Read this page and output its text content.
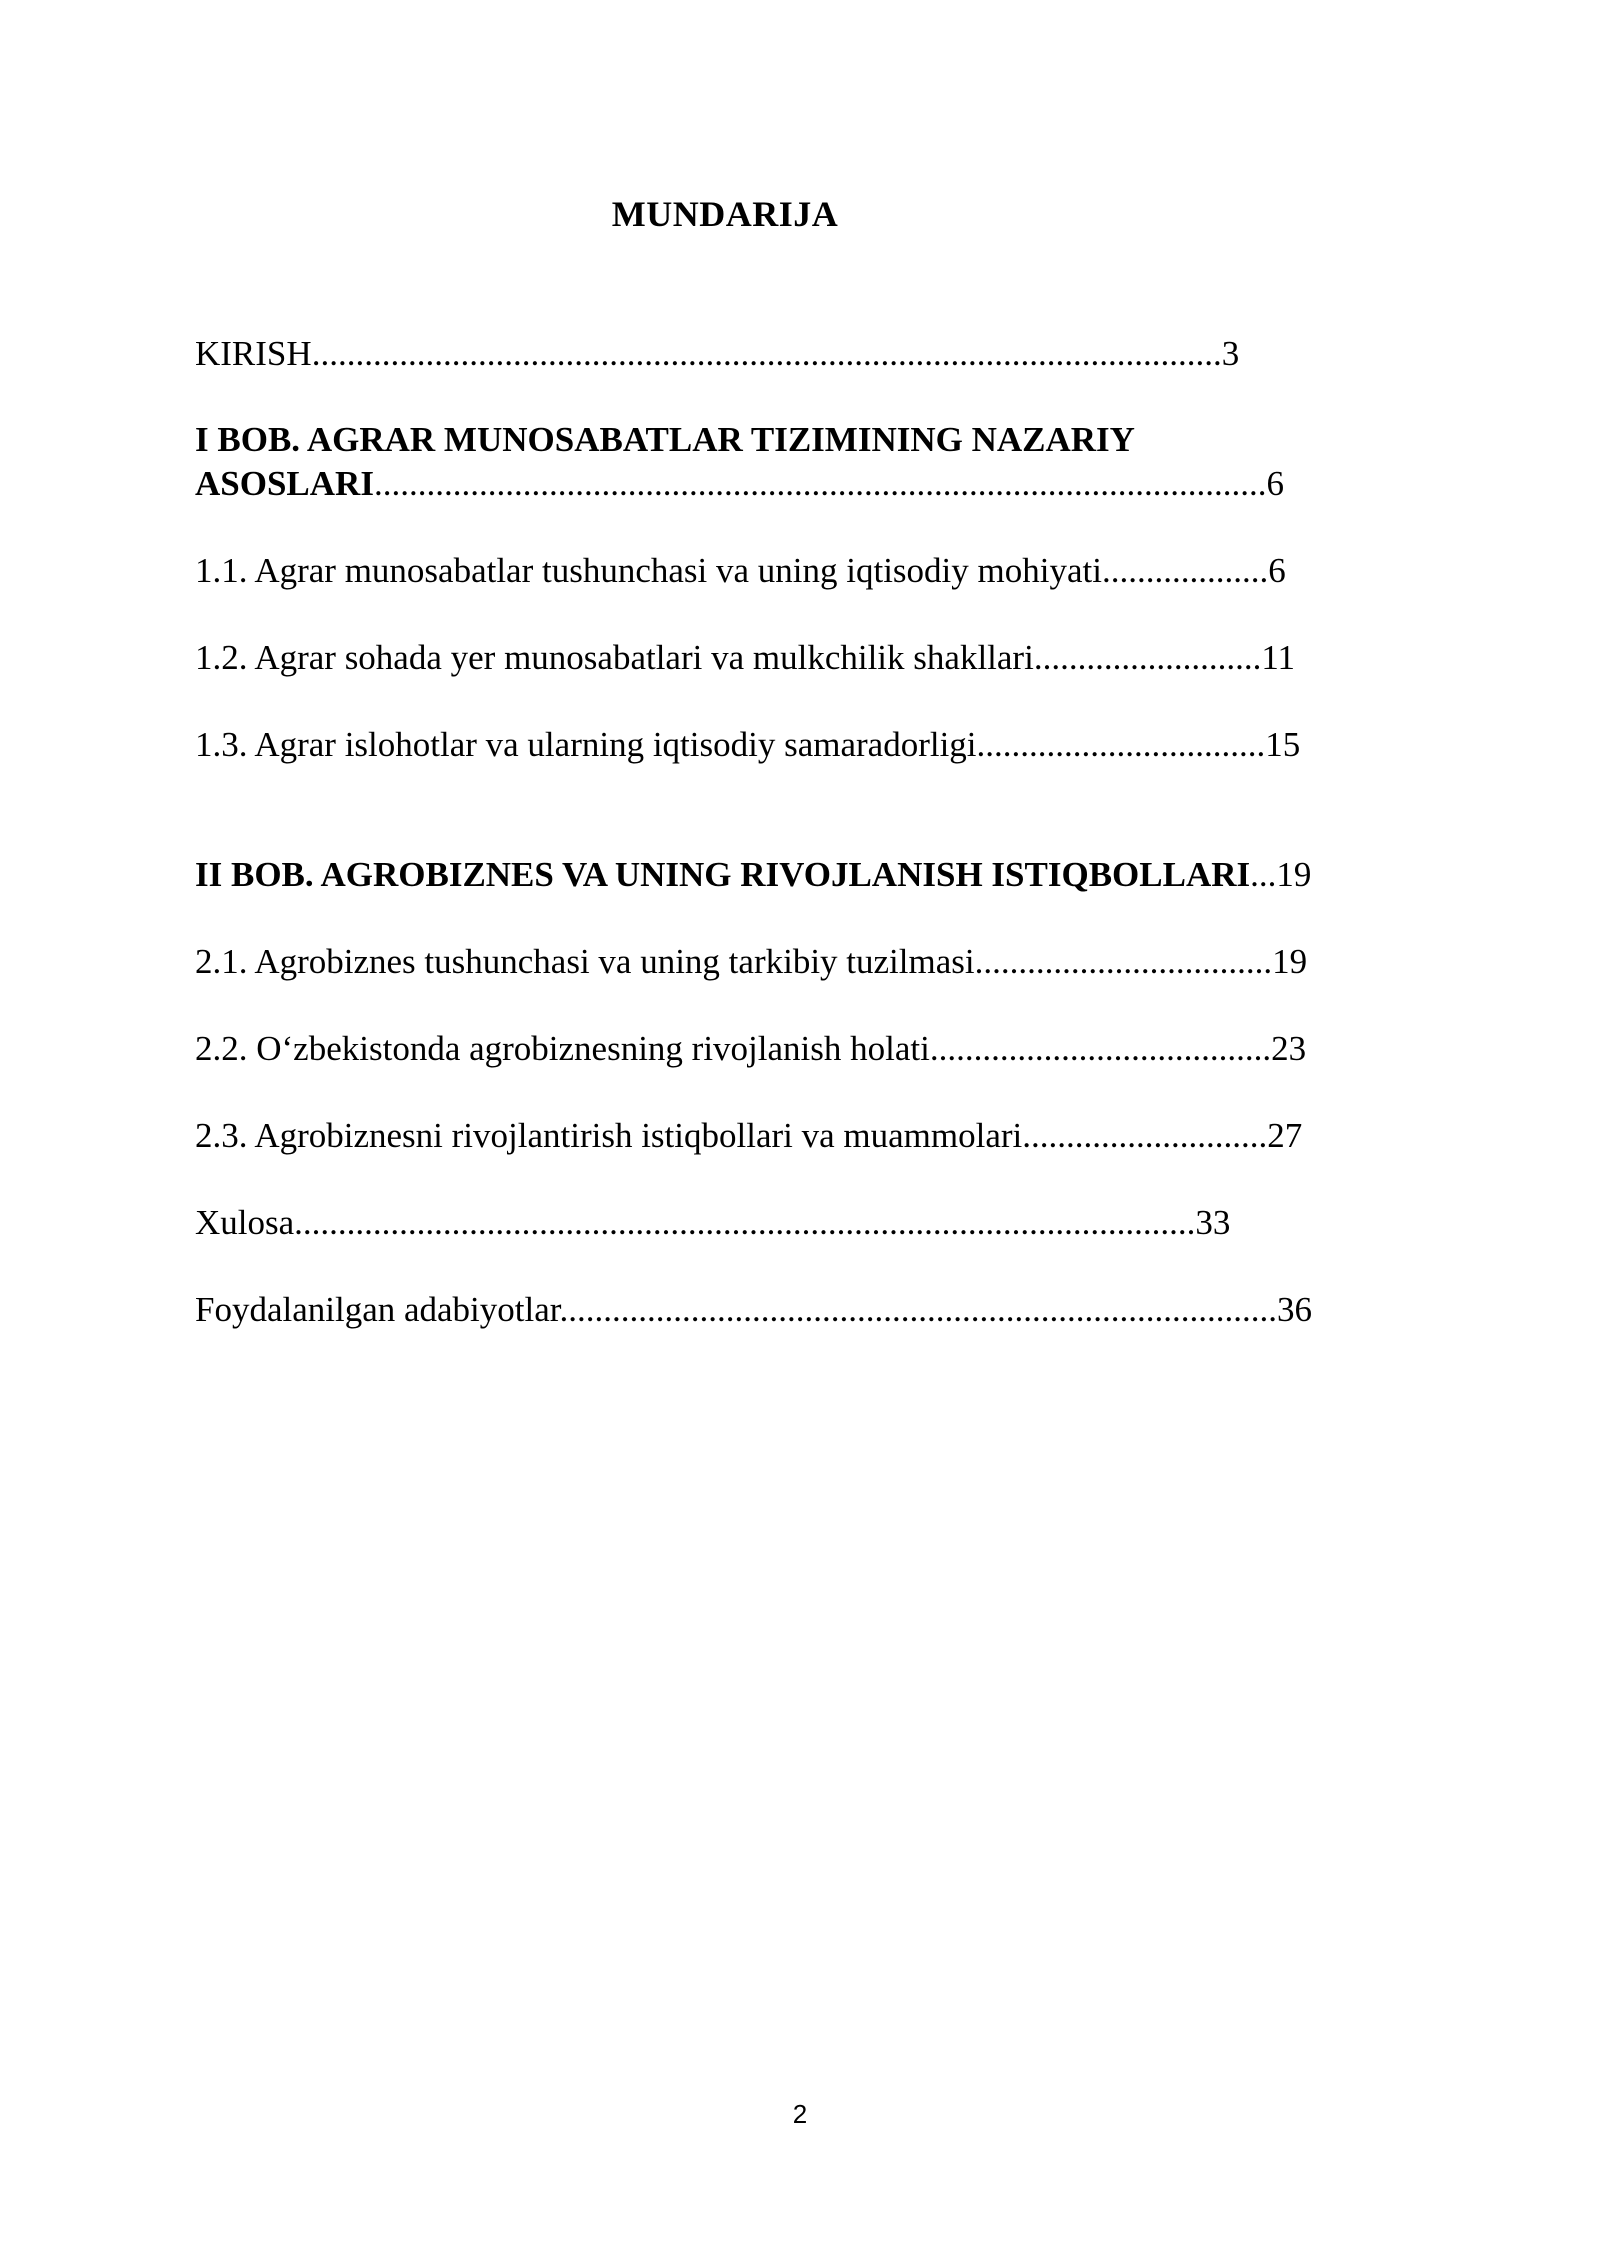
MUNDARIJA
KIRISH........................................................................................................3
I BOB. AGRAR MUNOSABATLAR TIZIMINING NAZARIY
ASOSLARI......................................................................................................6
1.1. Agrar munosabatlar tushunchasi va uning iqtisodiy mohiyati...................6
1.2. Agrar sohada yer munosabatlari va mulkchilik shakllari..........................11
1.3. Agrar islohotlar va ularning iqtisodiy samaradorligi.................................15
II BOB. AGROBIZNES VA UNING RIVOJLANISH ISTIQBOLLARI...19
2.1. Agrobiznes tushunchasi va uning tarkibiy tuzilmasi..................................19
2.2. O‘zbekistonda agrobiznesning rivojlanish holati.......................................23
2.3. Agrobiznesni rivojlantirish istiqbollari va muammolari............................27
Xulosa.......................................................................................................33
Foydalanilgan adabiyotlar..................................................................................36
2
